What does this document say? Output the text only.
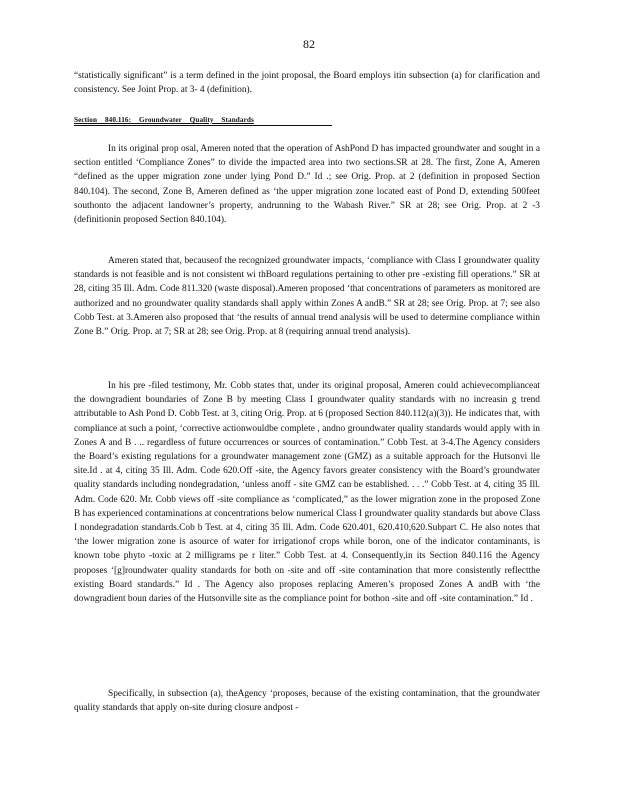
82

“statistically significant” is a term defined in the joint proposal, the Board employs itin subsection (a) for clarification and consistency. See Joint Prop. at 3- 4 (definition).

Section 840.116: Groundwater Quality Standards

In its original prop osal, Ameren noted that the operation of AshPond D has impacted groundwater and sought in a section entitled ‘Compliance Zones” to divide the impacted area into two sections.SR at 28. The first, Zone A, Ameren “defined as the upper migration zone under lying Pond D.” Id .; see Orig. Prop. at 2 (definition in proposed Section 840.104). The second, Zone B, Ameren defined as ‘the upper migration zone located east of Pond D, extending 500feet southonto the adjacent landowner’s property, andrunning to the Wabash River.” SR at 28; see Orig. Prop. at 2 -3 (definitionin proposed Section 840.104).

Ameren stated that, becauseof the recognized groundwater impacts, ‘compliance with Class I groundwater quality standards is not feasible and is not consistent wi thBoard regulations pertaining to other pre -existing fill operations.” SR at 28, citing 35 Ill. Adm. Code 811.320 (waste disposal).Ameren proposed ‘that concentrations of parameters as monitored are authorized and no groundwater quality standards shall apply within Zones A andB.” SR at 28; see Orig. Prop. at 7; see also Cobb Test. at 3.Ameren also proposed that ‘the results of annual trend analysis will be used to determine compliance within Zone B.” Orig. Prop. at 7; SR at 28; see Orig. Prop. at 8 (requiring annual trend analysis).

In his pre -filed testimony, Mr. Cobb states that, under its original proposal, Ameren could achievecomplianceat the downgradient boundaries of Zone B by meeting Class I groundwater quality standards with no increasin g trend attributable to Ash Pond D. Cobb Test. at 3, citing Orig. Prop. at 6 (proposed Section 840.112(a)(3)). He indicates that, with compliance at such a point, ‘corrective actionwouldbe complete , andno groundwater quality standards would apply with in Zones A and B . .. regardless of future occurrences or sources of contamination.” Cobb Test. at 3-4.The Agency considers the Board’s existing regulations for a groundwater management zone (GMZ) as a suitable approach for the Hutsonvi lle site.Id . at 4, citing 35 Ill. Adm. Code 620.Off -site, the Agency favors greater consistency with the Board’s groundwater quality standards including nondegradation, ‘unless anoff - site GMZ can be established. . . .” Cobb Test. at 4, citing 35 Ill. Adm. Code 620. Mr. Cobb views off -site compliance as ‘complicated,” as the lower migration zone in the proposed Zone B has experienced contaminations at concentrations below numerical Class I groundwater quality standards but above Class I nondegradation standards.Cob b Test. at 4, citing 35 Ill. Adm. Code 620.401, 620.410,620.Subpart C. He also notes that ‘the lower migration zone is asource of water for irrigationof crops while boron, one of the indicator contaminants, is known tobe phyto -toxic at 2 milligrams pe r liter.” Cobb Test. at 4. Consequently,in its Section 840.116 the Agency proposes ‘[g]roundwater quality standards for both on -site and off -site contamination that more consistently reflectthe existing Board standards.” Id . The Agency also proposes replacing Ameren’s proposed Zones A andB with ‘the downgradient boun daries of the Hutsonville site as the compliance point for bothon -site and off -site contamination.” Id .

Specifically, in subsection (a), theAgency ‘proposes, because of the existing contamination, that the groundwater quality standards that apply on-site during closure andpost -
